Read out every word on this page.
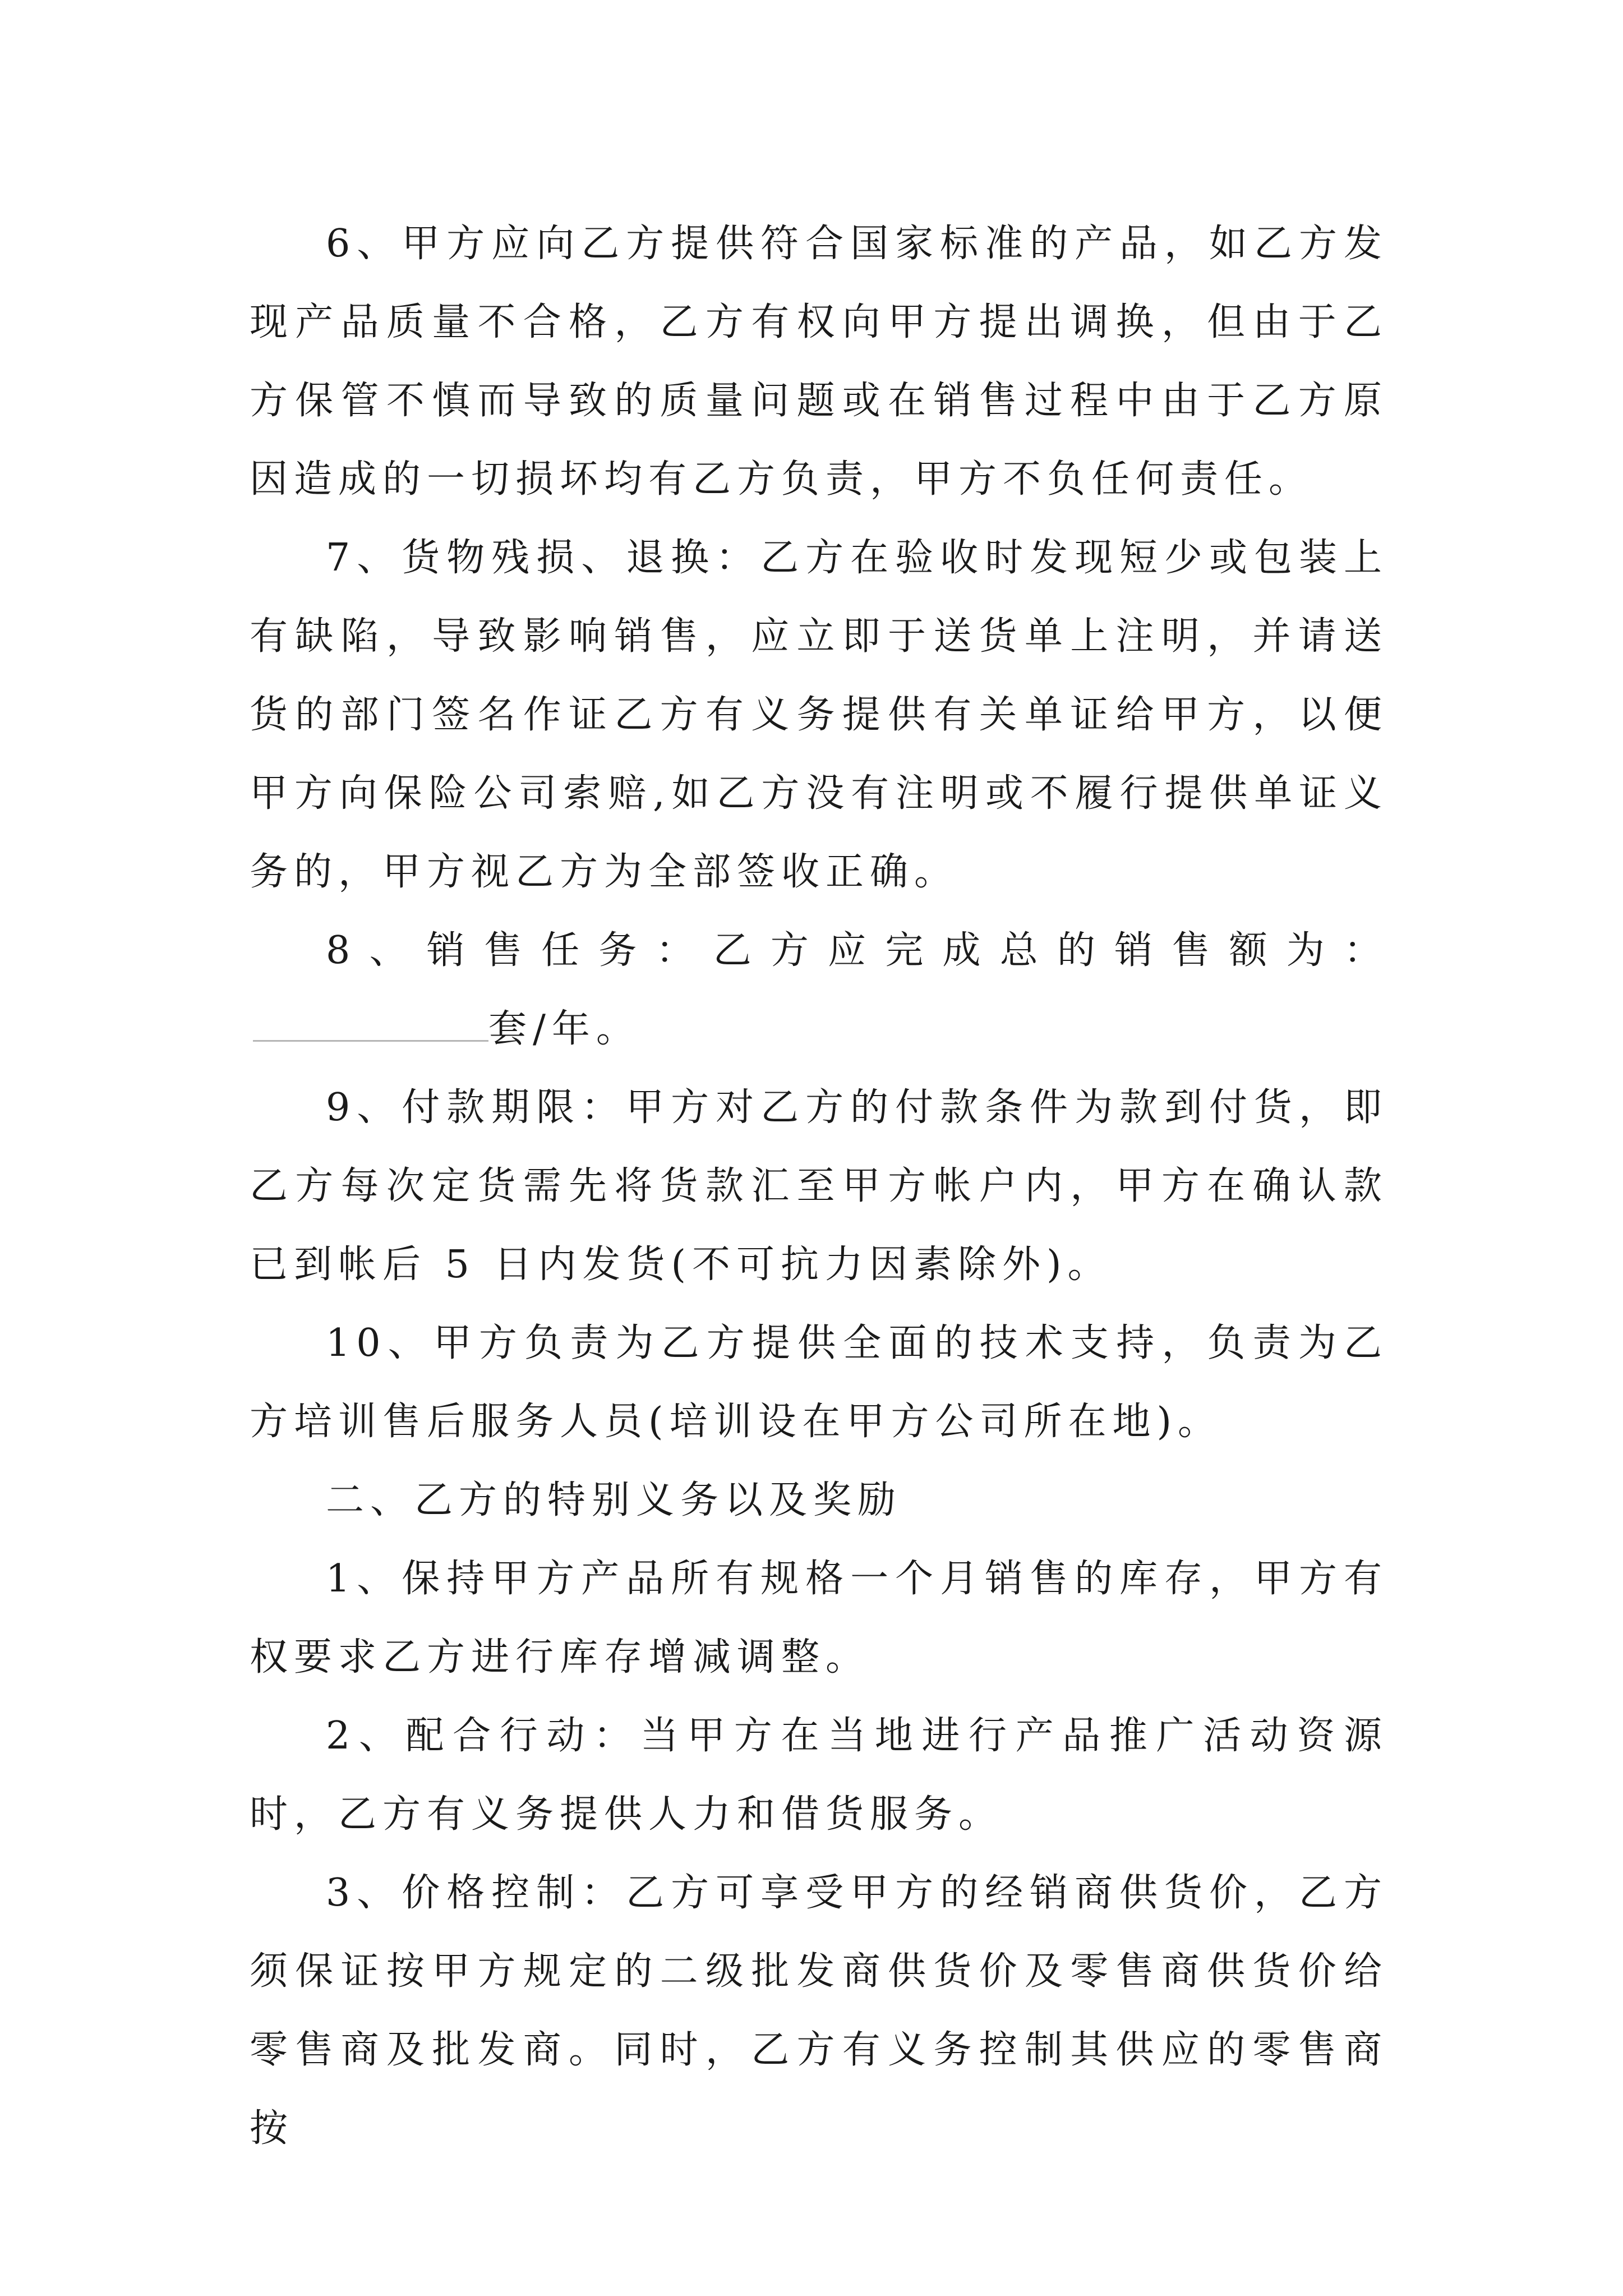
6、甲方应向乙方提供符合国家标准的产品，如乙方发现产品质量不合格，乙方有权向甲方提出调换，但由于乙方保管不慎而导致的质量问题或在销售过程中由于乙方原因造成的一切损坏均有乙方负责，甲方不负任何责任。

7、货物残损、退换：乙方在验收时发现短少或包装上有缺陷，导致影响销售，应立即于送货单上注明，并请送货的部门签名作证乙方有义务提供有关单证给甲方，以便甲方向保险公司索赔,如乙方没有注明或不履行提供单证义务的，甲方视乙方为全部签收正确。

8、销售任务：乙方应完成总的销售额为：套/年。

9、付款期限：甲方对乙方的付款条件为款到付货，即乙方每次定货需先将货款汇至甲方帐户内，甲方在确认款已到帐后 5 日内发货(不可抗力因素除外)。

10、甲方负责为乙方提供全面的技术支持，负责为乙方培训售后服务人员(培训设在甲方公司所在地)。

二、乙方的特别义务以及奖励

1、保持甲方产品所有规格一个月销售的库存，甲方有权要求乙方进行库存增减调整。

2、配合行动：当甲方在当地进行产品推广活动资源时，乙方有义务提供人力和借货服务。

3、价格控制：乙方可享受甲方的经销商供货价，乙方须保证按甲方规定的二级批发商供货价及零售商供货价给零售商及批发商。同时，乙方有义务控制其供应的零售商按
